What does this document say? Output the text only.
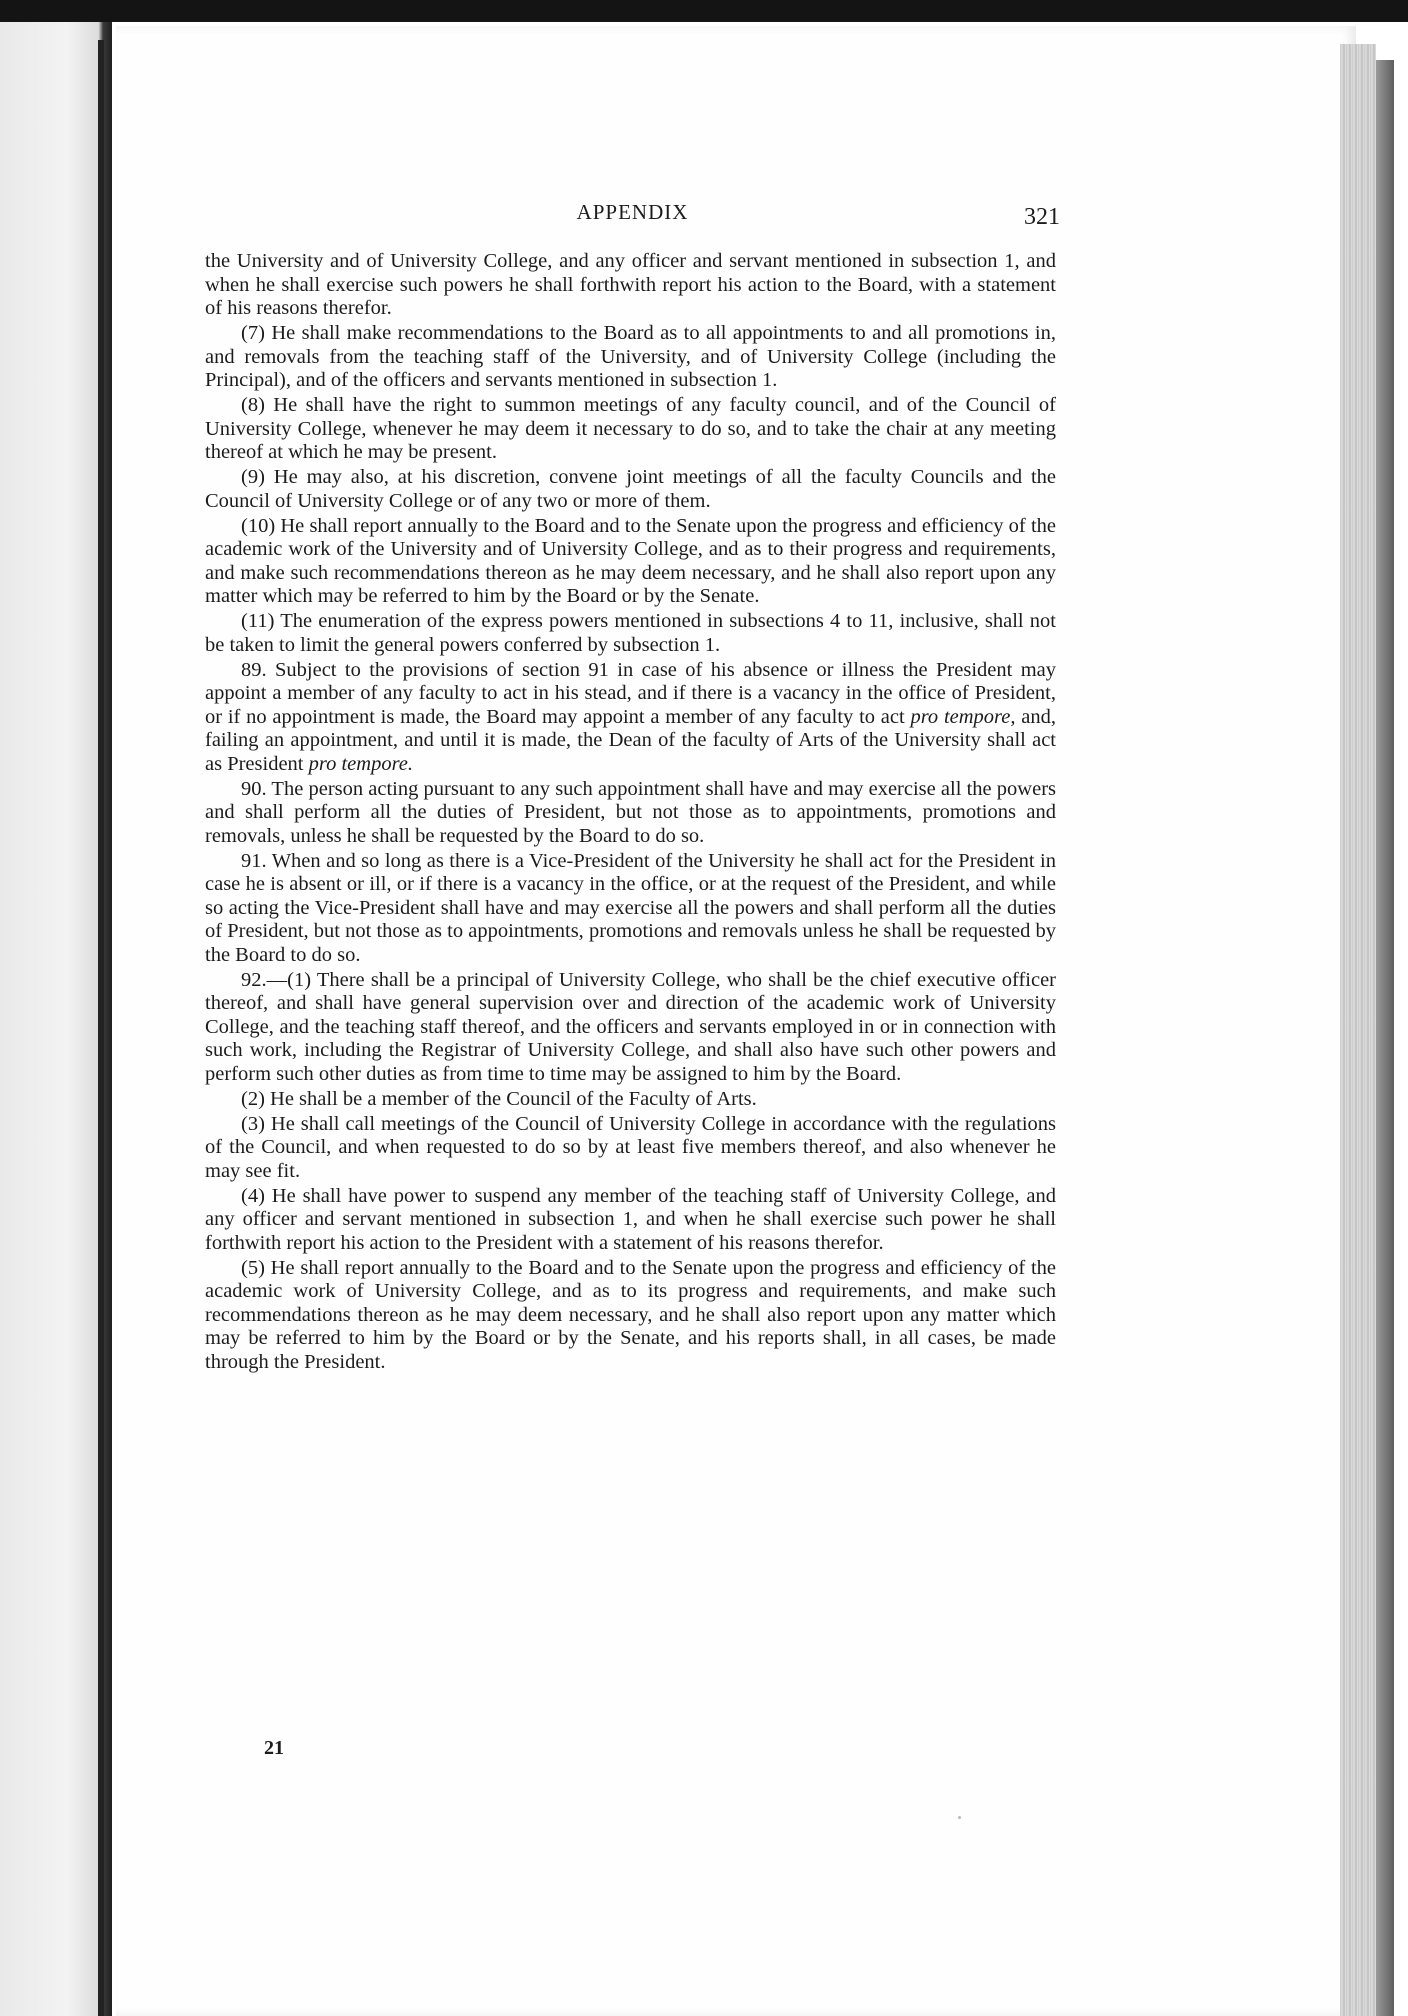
APPENDIX	321

the University and of University College, and any officer and servant mentioned in subsection 1, and when he shall exercise such powers he shall forthwith report his action to the Board, with a statement of his reasons therefor.

(7) He shall make recommendations to the Board as to all appointments to and all promotions in, and removals from the teaching staff of the University, and of University College (including the Principal), and of the officers and servants mentioned in subsection 1.

(8) He shall have the right to summon meetings of any faculty council, and of the Council of University College, whenever he may deem it necessary to do so, and to take the chair at any meeting thereof at which he may be present.

(9) He may also, at his discretion, convene joint meetings of all the faculty Councils and the Council of University College or of any two or more of them.

(10) He shall report annually to the Board and to the Senate upon the progress and efficiency of the academic work of the University and of University College, and as to their progress and requirements, and make such recommendations thereon as he may deem necessary, and he shall also report upon any matter which may be referred to him by the Board or by the Senate.

(11) The enumeration of the express powers mentioned in subsections 4 to 11, inclusive, shall not be taken to limit the general powers conferred by subsection 1.

89. Subject to the provisions of section 91 in case of his absence or illness the President may appoint a member of any faculty to act in his stead, and if there is a vacancy in the office of President, or if no appointment is made, the Board may appoint a member of any faculty to act pro tempore, and, failing an appointment, and until it is made, the Dean of the faculty of Arts of the University shall act as President pro tempore.

90. The person acting pursuant to any such appointment shall have and may exercise all the powers and shall perform all the duties of President, but not those as to appointments, promotions and removals, unless he shall be requested by the Board to do so.

91. When and so long as there is a Vice-President of the University he shall act for the President in case he is absent or ill, or if there is a vacancy in the office, or at the request of the President, and while so acting the Vice-President shall have and may exercise all the powers and shall perform all the duties of President, but not those as to appointments, promotions and removals unless he shall be requested by the Board to do so.

92.—(1) There shall be a principal of University College, who shall be the chief executive officer thereof, and shall have general supervision over and direction of the academic work of University College, and the teaching staff thereof, and the officers and servants employed in or in connection with such work, including the Registrar of University College, and shall also have such other powers and perform such other duties as from time to time may be assigned to him by the Board.

(2) He shall be a member of the Council of the Faculty of Arts.

(3) He shall call meetings of the Council of University College in accordance with the regulations of the Council, and when requested to do so by at least five members thereof, and also whenever he may see fit.

(4) He shall have power to suspend any member of the teaching staff of University College, and any officer and servant mentioned in subsection 1, and when he shall exercise such power he shall forthwith report his action to the President with a statement of his reasons therefor.

(5) He shall report annually to the Board and to the Senate upon the progress and efficiency of the academic work of University College, and as to its progress and requirements, and make such recommendations thereon as he may deem necessary, and he shall also report upon any matter which may be referred to him by the Board or by the Senate, and his reports shall, in all cases, be made through the President.

21
